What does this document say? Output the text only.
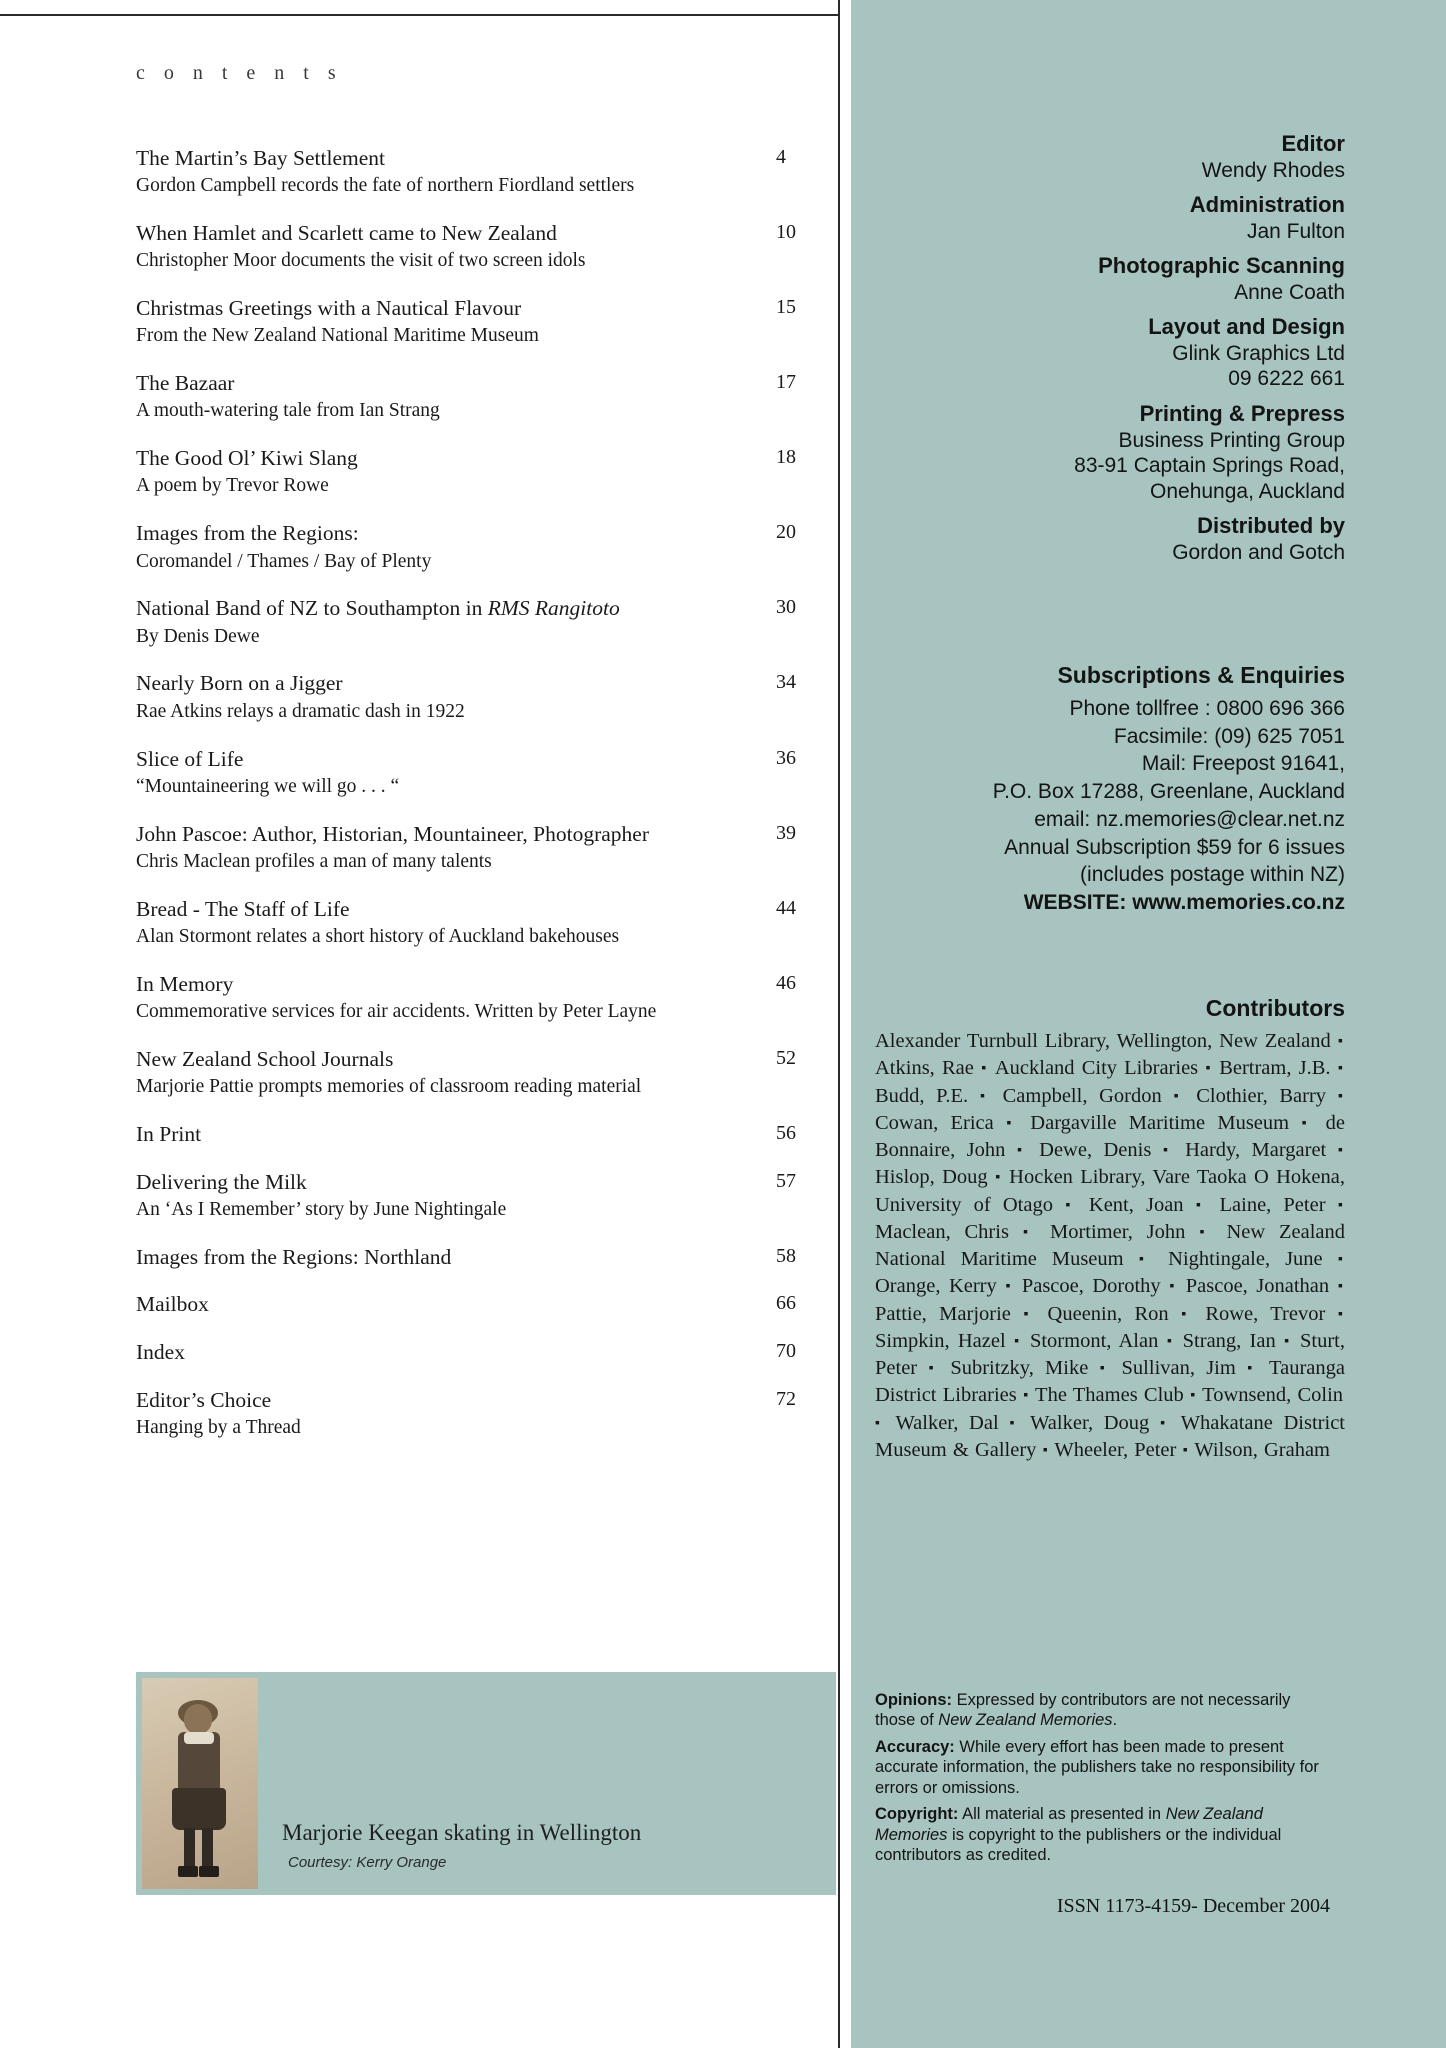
c o n t e n t s
The Martin’s Bay Settlement
Gordon Campbell records the fate of northern Fiordland settlers
4
When Hamlet and Scarlett came to New Zealand
Christopher Moor documents the visit of two screen idols
10
Christmas Greetings with a Nautical Flavour
From the New Zealand National Maritime Museum
15
The Bazaar
A mouth-watering tale from Ian Strang
17
The Good Ol’ Kiwi Slang
A poem by Trevor Rowe
18
Images from the Regions:
Coromandel / Thames / Bay of Plenty
20
National Band of NZ to Southampton in RMS Rangitoto
By Denis Dewe
30
Nearly Born on a Jigger
Rae Atkins relays a dramatic dash in 1922
34
Slice of Life
“Mountaineering we will go . . . “
36
John Pascoe: Author, Historian, Mountaineer, Photographer
Chris Maclean profiles a man of many talents
39
Bread - The Staff of Life
Alan Stormont relates a short history of Auckland bakehouses
44
In Memory
Commemorative services for air accidents. Written by Peter Layne
46
New Zealand School Journals
Marjorie Pattie prompts memories of classroom reading material
52
In Print	56
Delivering the Milk
An ‘As I Remember’ story by June Nightingale
57
Images from the Regions: Northland	58
Mailbox	66
Index	70
Editor’s Choice
Hanging by a Thread
72
Marjorie Keegan skating in Wellington
Courtesy: Kerry Orange
Editor
Wendy Rhodes
Administration
Jan Fulton
Photographic Scanning
Anne Coath
Layout and Design
Glink Graphics Ltd
09 6222 661
Printing & Prepress
Business Printing Group
83-91 Captain Springs Road,
Onehunga, Auckland
Distributed by
Gordon and Gotch
Subscriptions & Enquiries
Phone tollfree : 0800 696 366
Facsimile: (09) 625 7051
Mail: Freepost 91641,
P.O. Box 17288, Greenlane, Auckland
email: nz.memories@clear.net.nz
Annual Subscription $59 for 6 issues
(includes postage within NZ)
WEBSITE: www.memories.co.nz
Contributors
Alexander Turnbull Library, Wellington, New Zealand ▪ Atkins, Rae ▪ Auckland City Libraries ▪ Bertram, J.B. ▪ Budd, P.E. ▪ Campbell, Gordon ▪ Clothier, Barry ▪ Cowan, Erica ▪ Dargaville Maritime Museum ▪ de Bonnaire, John ▪ Dewe, Denis ▪ Hardy, Margaret ▪ Hislop, Doug ▪ Hocken Library, Vare Taoka O Hokena, University of Otago ▪ Kent, Joan ▪ Laine, Peter ▪ Maclean, Chris ▪ Mortimer, John ▪ New Zealand National Maritime Museum ▪ Nightingale, June ▪ Orange, Kerry ▪ Pascoe, Dorothy ▪ Pascoe, Jonathan ▪ Pattie, Marjorie ▪ Queenin, Ron ▪ Rowe, Trevor ▪ Simpkin, Hazel ▪ Stormont, Alan ▪ Strang, Ian ▪ Sturt, Peter ▪ Subritzky, Mike ▪ Sullivan, Jim ▪ Tauranga District Libraries ▪ The Thames Club ▪ Townsend, Colin ▪ Walker, Dal ▪ Walker, Doug ▪ Whakatane District Museum & Gallery ▪ Wheeler, Peter ▪ Wilson, Graham

Opinions: Expressed by contributors are not necessarily those of New Zealand Memories.

Accuracy: While every effort has been made to present accurate information, the publishers take no responsibility for errors or omissions.

Copyright: All material as presented in New Zealand Memories is copyright to the publishers or the individual contributors as credited.

ISSN 1173-4159- December 2004
